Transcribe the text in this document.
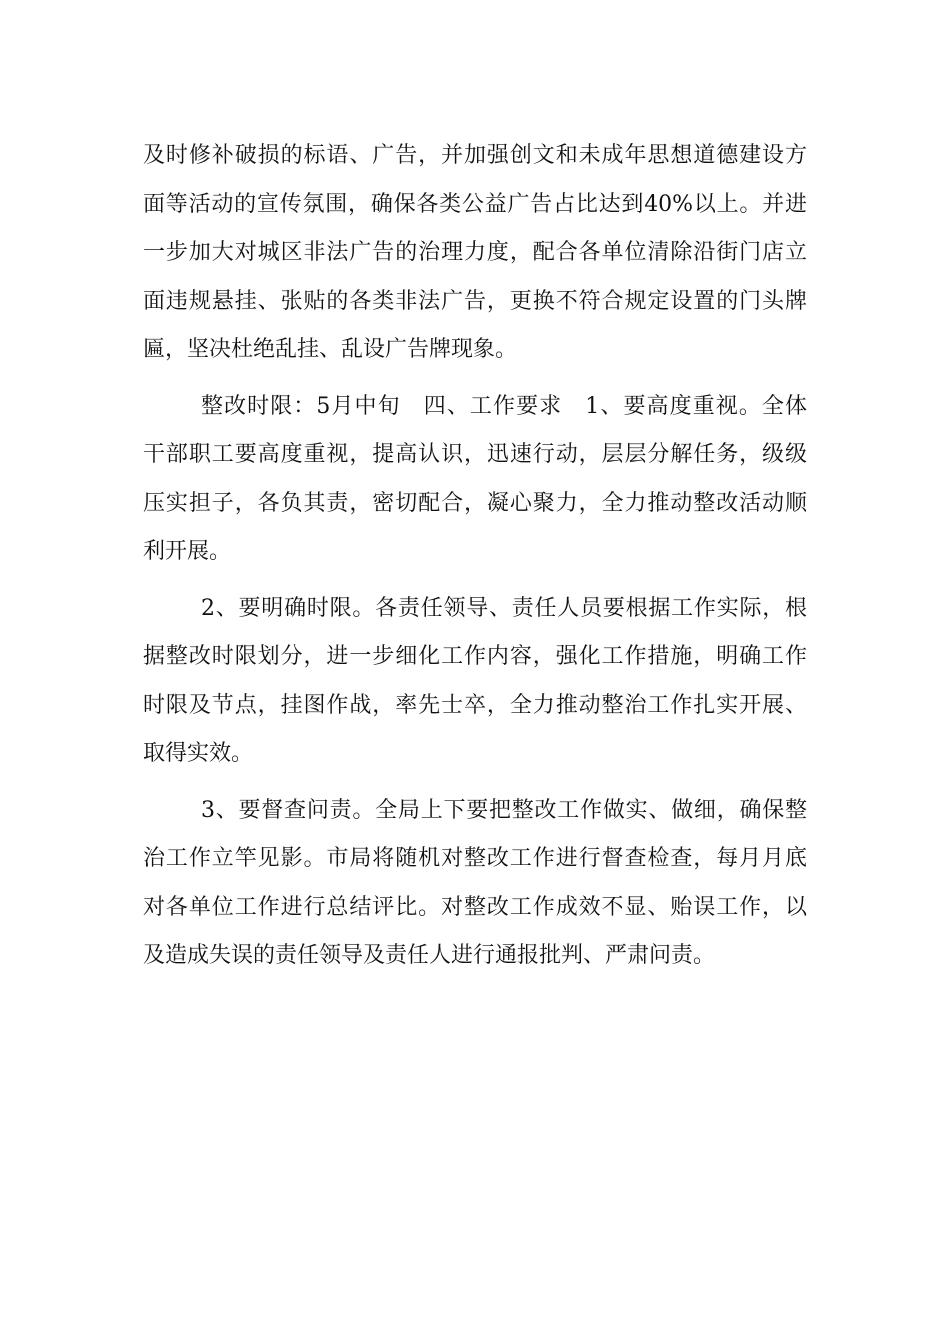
及时修补破损的标语、广告，并加强创文和未成年思想道德建设方
面等活动的宣传氛围，确保各类公益广告占比达到40%以上。并进
一步加大对城区非法广告的治理力度，配合各单位清除沿街门店立
面违规悬挂、张贴的各类非法广告，更换不符合规定设置的门头牌
匾，坚决杜绝乱挂、乱设广告牌现象。
整改时限：5月中旬　四、工作要求　1、要高度重视。全体
干部职工要高度重视，提高认识，迅速行动，层层分解任务，级级
压实担子，各负其责，密切配合，凝心聚力，全力推动整改活动顺
利开展。
2、要明确时限。各责任领导、责任人员要根据工作实际，根
据整改时限划分，进一步细化工作内容，强化工作措施，明确工作
时限及节点，挂图作战，率先士卒，全力推动整治工作扎实开展、
取得实效。
3、要督查问责。全局上下要把整改工作做实、做细，确保整
治工作立竿见影。市局将随机对整改工作进行督查检查，每月月底
对各单位工作进行总结评比。对整改工作成效不显、贻误工作，以
及造成失误的责任领导及责任人进行通报批判、严肃问责。
